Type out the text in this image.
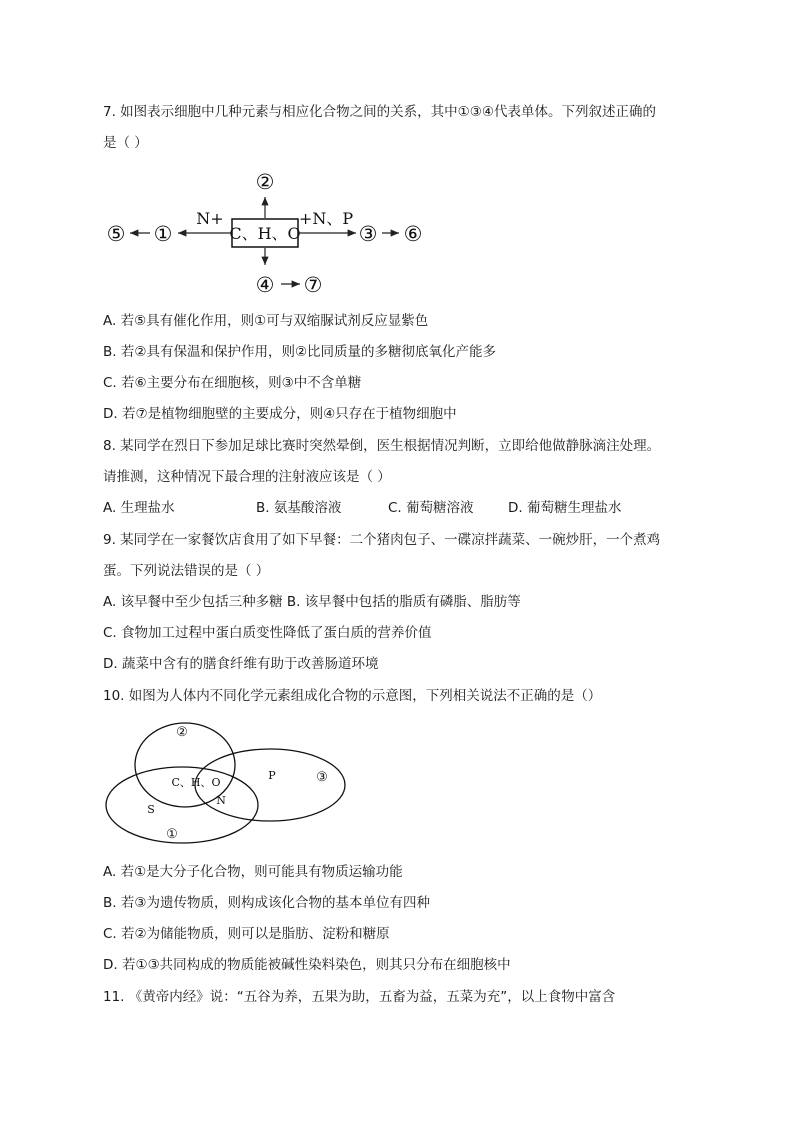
7. 如图表示细胞中几种元素与相应化合物之间的关系，其中①③④代表单体。下列叙述正确的
是（ ）
C、H、O
②
④ ⑦
N+
①
⑤
+N、P
③ ⑥
A. 若⑤具有催化作用，则①可与双缩脲试剂反应显紫色
B. 若②具有保温和保护作用，则②比同质量的多糖彻底氧化产能多
C. 若⑥主要分布在细胞核，则③中不含单糖
D. 若⑦是植物细胞壁的主要成分，则④只存在于植物细胞中
8. 某同学在烈日下参加足球比赛时突然晕倒，医生根据情况判断，立即给他做静脉滴注处理。
请推测，这种情况下最合理的注射液应该是（ ）
A. 生理盐水	B. 氨基酸溶液	C. 葡萄糖溶液	D. 葡萄糖生理盐水
9. 某同学在一家餐饮店食用了如下早餐：二个猪肉包子、一碟凉拌蔬菜、一碗炒肝，一个煮鸡
蛋。下列说法错误的是（ ）
A. 该早餐中至少包括三种多糖 B. 该早餐中包括的脂质有磷脂、脂肪等
C. 食物加工过程中蛋白质变性降低了蛋白质的营养价值
D. 蔬菜中含有的膳食纤维有助于改善肠道环境
10. 如图为人体内不同化学元素组成化合物的示意图，下列相关说法不正确的是（）
②
③
①
C、H、O
P
N
S
A. 若①是大分子化合物，则可能具有物质运输功能
B. 若③为遗传物质，则构成该化合物的基本单位有四种
C. 若②为储能物质，则可以是脂肪、淀粉和糖原
D. 若①③共同构成的物质能被碱性染料染色，则其只分布在细胞核中
11. 《黄帝内经》说：“五谷为养，五果为助，五畜为益，五菜为充”，以上食物中富含
